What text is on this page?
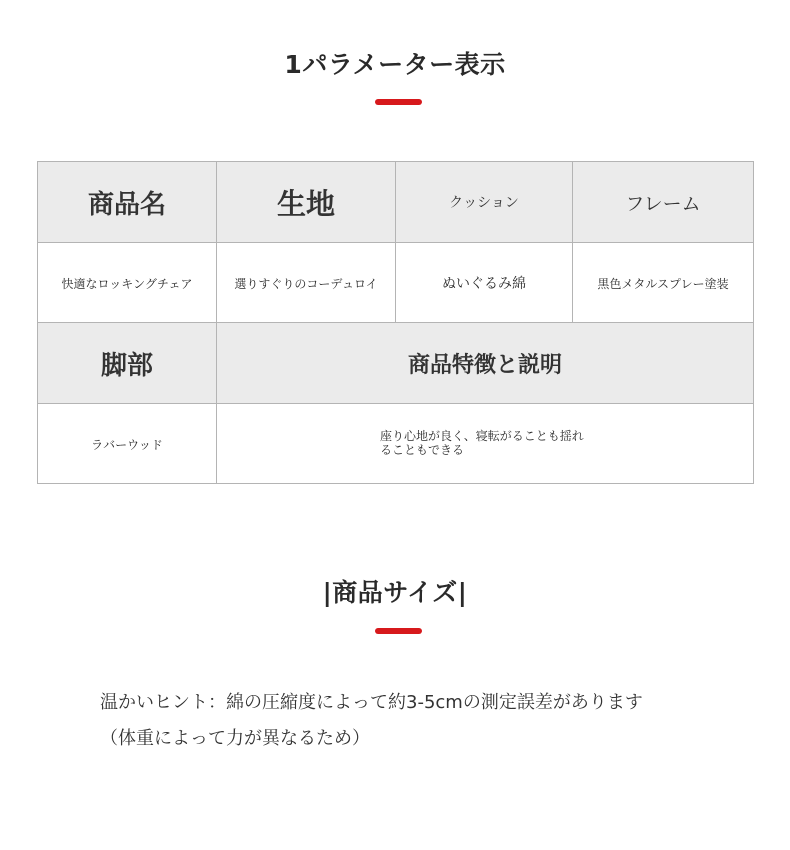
1パラメーター表示
商品名	生地	クッション	フレーム
快適なロッキングチェア	選りすぐりのコーデュロイ	ぬいぐるみ綿	黒色メタルスプレー塗装
脚部	商品特徴と説明		
ラバーウッド	座り心地が良く、寝転がることも揺れることもできる		
|商品サイズ|
温かいヒント：綿の圧縮度によって約3-5cmの測定誤差があります
（体重によって力が異なるため）
